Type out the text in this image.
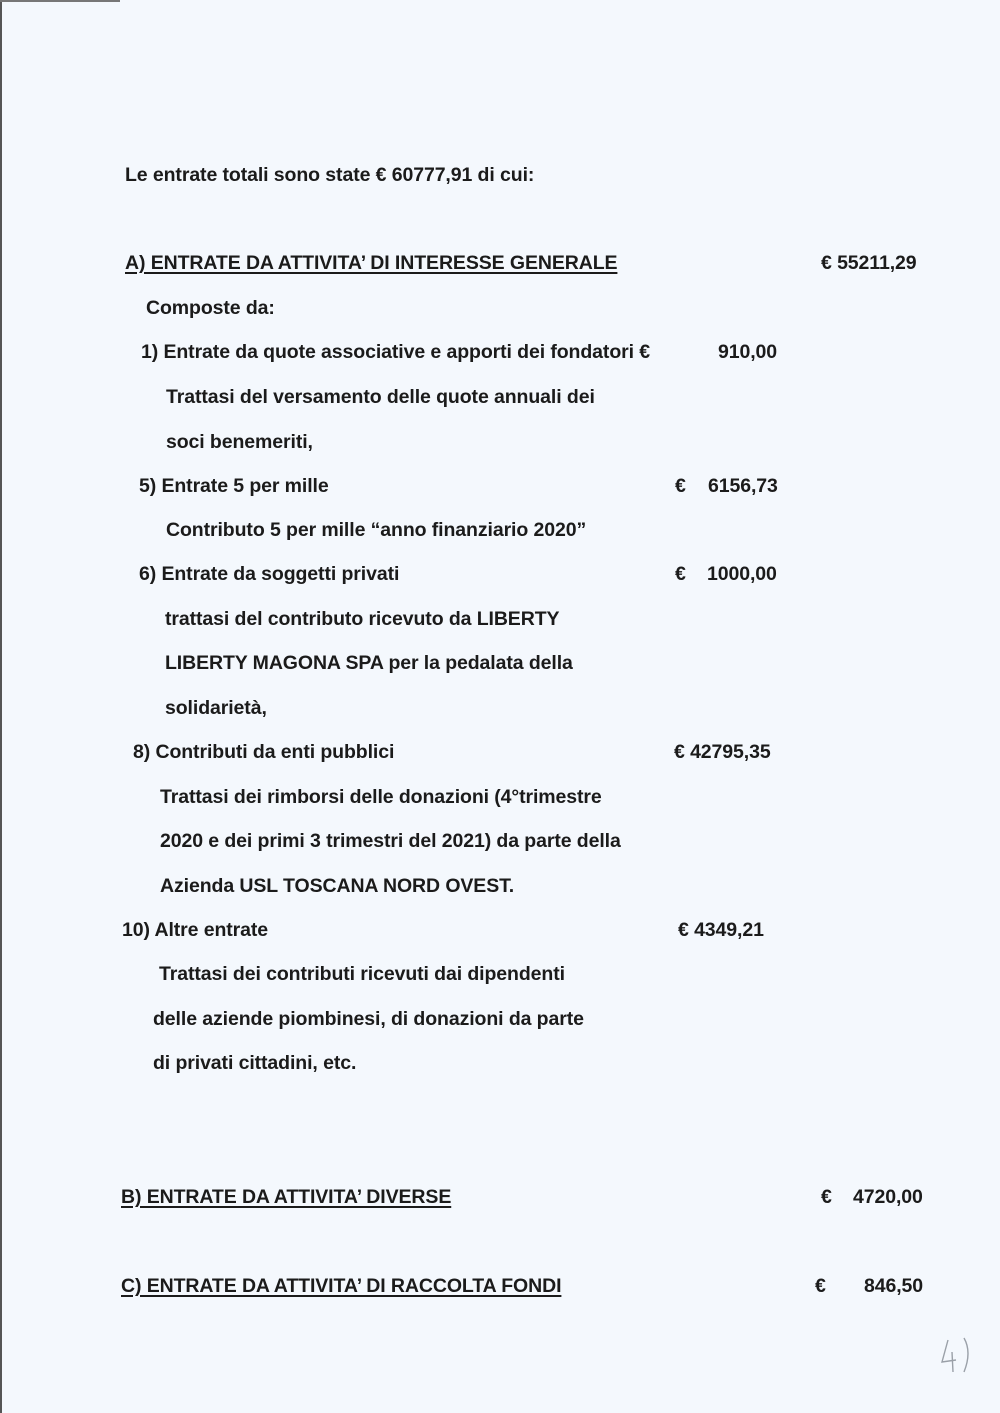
Le entrate totali sono state € 60777,91 di cui:
A) ENTRATE DA ATTIVITA’ DI INTERESSE GENERALE	€ 55211,29
Composte da:
1) Entrate da quote associative e apporti dei fondatori €	910,00
Trattasi del versamento delle quote annuali dei
soci benemeriti,
5) Entrate 5 per mille	€ 6156,73
Contributo 5 per mille “anno finanziario 2020”
6) Entrate da soggetti privati	€ 1000,00
trattasi del contributo ricevuto da LIBERTY
LIBERTY MAGONA SPA per la pedalata della
solidarietà,
8) Contributi da enti pubblici	€ 42795,35
Trattasi dei rimborsi delle donazioni (4°trimestre
2020 e dei primi 3 trimestri del 2021) da parte della
Azienda USL TOSCANA NORD OVEST.
10) Altre entrate	€ 4349,21
Trattasi dei contributi ricevuti dai dipendenti
delle aziende piombinesi, di donazioni da parte
di privati cittadini, etc.
B) ENTRATE DA ATTIVITA’ DIVERSE	€ 4720,00
C) ENTRATE DA ATTIVITA’ DI RACCOLTA FONDI	€ 846,50
